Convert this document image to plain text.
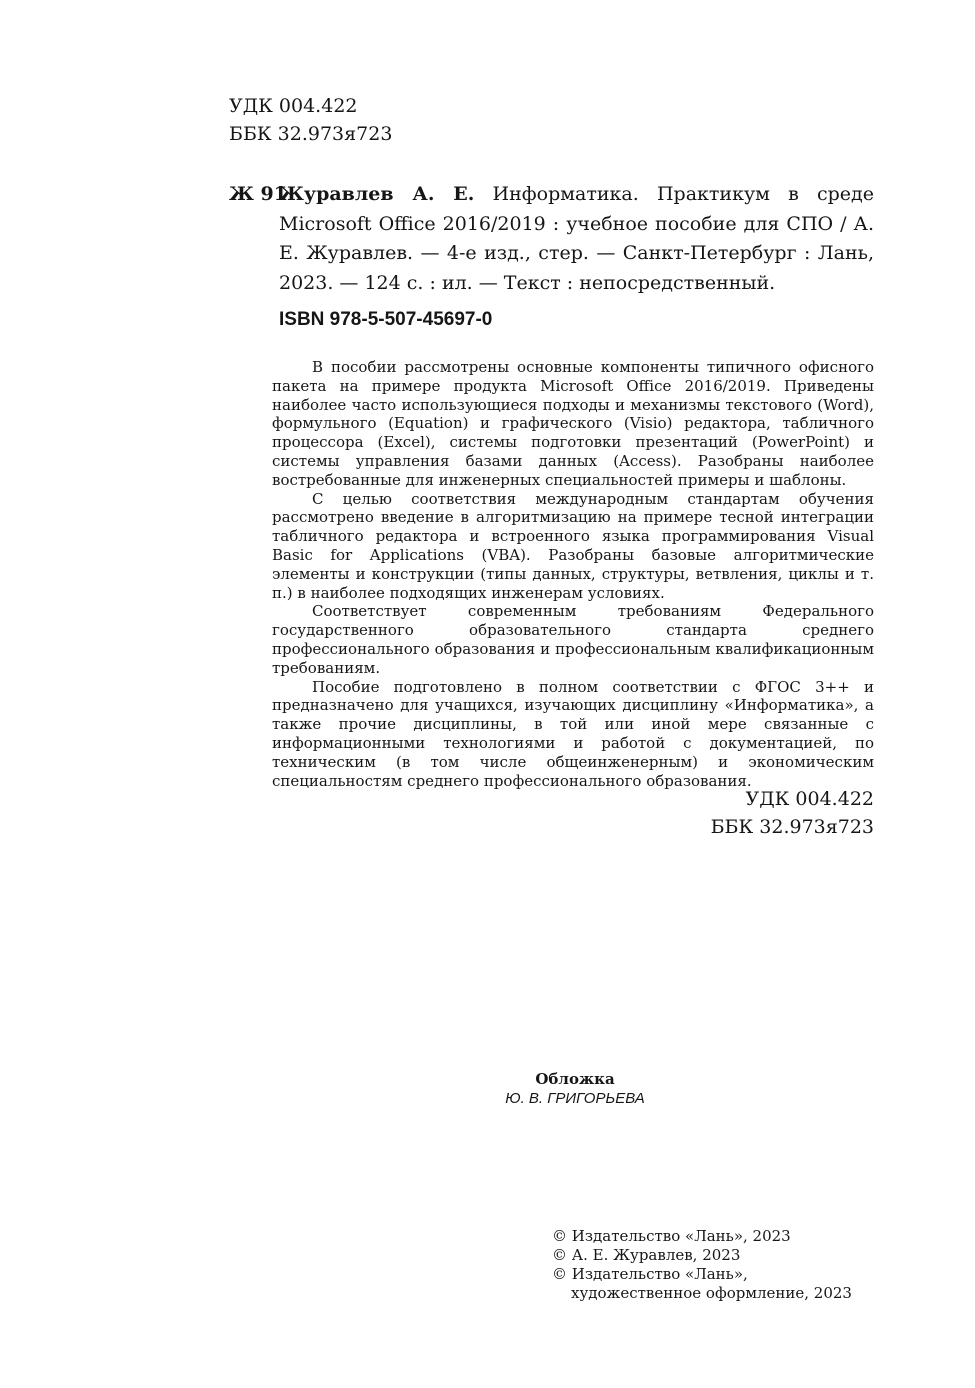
УДК 004.422
ББК 32.973я723
Ж 91
Журавлев А. Е. Информатика. Практикум в среде Microsoft Office 2016/2019 : учебное пособие для СПО / А. Е. Журавлев. — 4-е изд., стер. — Санкт-Петербург : Лань, 2023. — 124 с. : ил. — Текст : непосредственный.
ISBN 978-5-507-45697-0

В пособии рассмотрены основные компоненты типичного офисного пакета на примере продукта Microsoft Office 2016/2019. Приведены наиболее часто использующиеся подходы и механизмы текстового (Word), формульного (Equation) и графического (Visio) редактора, табличного процессора (Excel), системы подготовки презентаций (PowerPoint) и системы управления базами данных (Access). Разобраны наиболее востребованные для инженерных специальностей примеры и шаблоны.

С целью соответствия международным стандартам обучения рассмотрено введение в алгоритмизацию на примере тесной интеграции табличного редактора и встроенного языка программирования Visual Basic for Applications (VBA). Разобраны базовые алгоритмические элементы и конструкции (типы данных, структуры, ветвления, циклы и т. п.) в наиболее подходящих инженерам условиях.

Соответствует современным требованиям Федерального государственного образовательного стандарта среднего профессионального образования и профессиональным квалификационным требованиям.

Пособие подготовлено в полном соответствии с ФГОС 3++ и предназначено для учащихся, изучающих дисциплину «Информатика», а также прочие дисциплины, в той или иной мере связанные с информационными технологиями и работой с документацией, по техническим (в том числе общеинженерным) и экономическим специальностям среднего профессионального образования.

УДК 004.422
ББК 32.973я723
Обложка
Ю. В. ГРИГОРЬЕВА
© Издательство «Лань», 2023
© А. Е. Журавлев, 2023
© Издательство «Лань»,
художественное оформление, 2023
